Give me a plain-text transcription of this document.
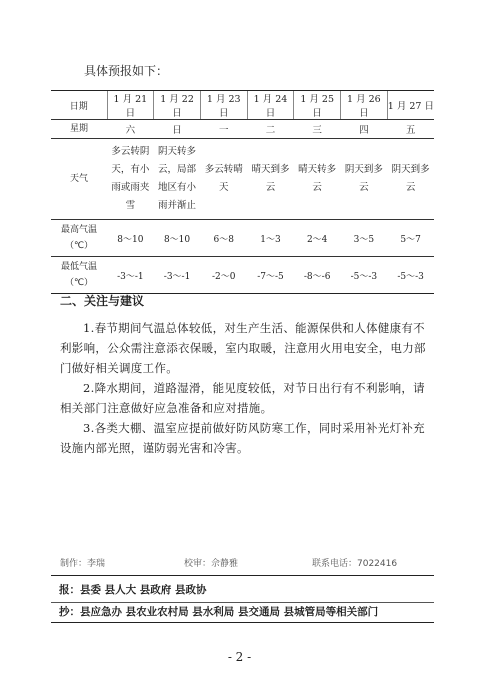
具体预报如下：
日期	1 月 21 日	1 月 22 日	1 月 23 日	1 月 24 日	1 月 25 日	1 月 26 日	1 月 27 日
星期	六	日	一	二	三	四	五
天气	多云转阴天，有小雨或雨夹雪	阴天转多云，局部地区有小雨并渐止	多云转晴天	晴天到多云	晴天转多云	阴天到多云	阴天到多云

最高气温
（℃）	8～10	8～10	6～8	1～3	2～4	3～5	5～7

最低气温
（℃）	-3～-1	-3～-1	-2～0	-7～-5	-8～-6	-5～-3	-5～-3
二、关注与建议
1.春节期间气温总体较低，对生产生活、能源保供和人体健康有不利影响，公众需注意添衣保暖，室内取暖，注意用火用电安全，电力部门做好相关调度工作。
2.降水期间，道路湿滑，能见度较低，对节日出行有不利影响，请相关部门注意做好应急准备和应对措施。
3.各类大棚、温室应提前做好防风防寒工作，同时采用补光灯补充设施内部光照，谨防弱光害和冷害。
制作：李瑞	校审：佘静雅	联系电话：7022416
报：县委 县人大 县政府 县政协
抄：县应急办 县农业农村局 县水利局 县交通局 县城管局等相关部门
- 2 -
